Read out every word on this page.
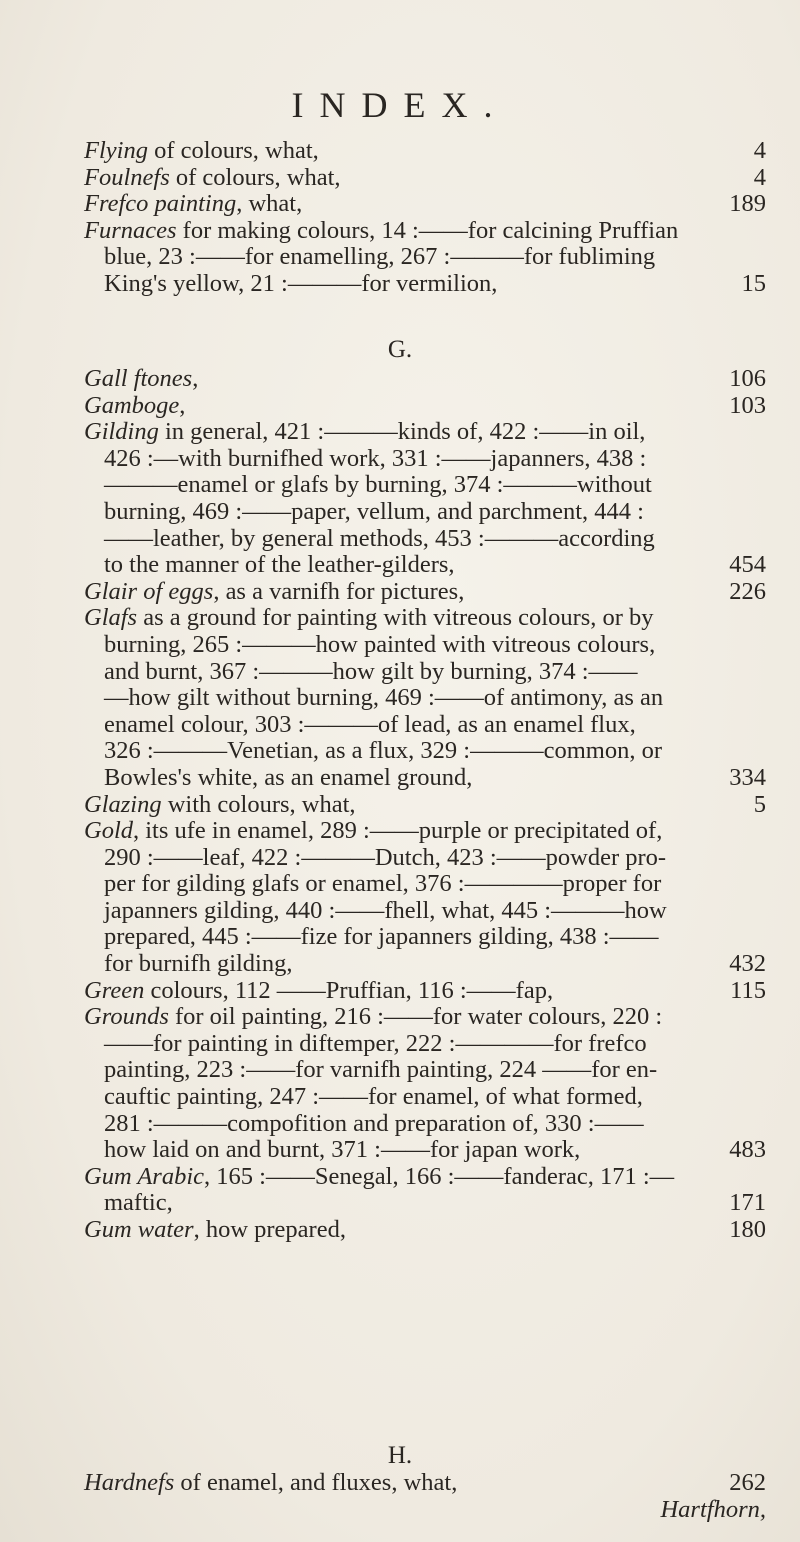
INDEX.
Flying of colours, what,	4
Foulnefs of colours, what,	4
Frefco painting, what,	189
Furnaces for making colours, 14 :——for calcining Pruffian
blue, 23 :——for enamelling, 267 :———for fubliming
King's yellow, 21 :———for vermilion,	15
G.
Gall ftones,	106
Gamboge,	103
Gilding in general, 421 :———kinds of, 422 :——in oil,
426 :—with burnifhed work, 331 :——japanners, 438 :
———enamel or glafs by burning, 374 :———without
burning, 469 :——paper, vellum, and parchment, 444 :
——leather, by general methods, 453 :———according
to the manner of the leather-gilders,	454
Glair of eggs, as a varnifh for pictures,	226
Glafs as a ground for painting with vitreous colours, or by
burning, 265 :———how painted with vitreous colours,
and burnt, 367 :———how gilt by burning, 374 :——
—how gilt without burning, 469 :——of antimony, as an
enamel colour, 303 :———of lead, as an enamel flux,
326 :———Venetian, as a flux, 329 :———common, or
Bowles's white, as an enamel ground,	334
Glazing with colours, what,	5
Gold, its ufe in enamel, 289 :——purple or precipitated of,
290 :——leaf, 422 :———Dutch, 423 :——powder pro-
per for gilding glafs or enamel, 376 :————proper for
japanners gilding, 440 :——fhell, what, 445 :———how
prepared, 445 :——fize for japanners gilding, 438 :——
for burnifh gilding,	432
Green colours, 112 ——Pruffian, 116 :——fap,	115
Grounds for oil painting, 216 :——for water colours, 220 :
——for painting in diftemper, 222 :————for frefco
painting, 223 :——for varnifh painting, 224 ——for en-
cauftic painting, 247 :——for enamel, of what formed,
281 :———compofition and preparation of, 330 :——
how laid on and burnt, 371 :——for japan work,	483
Gum Arabic, 165 :——Senegal, 166 :——fanderac, 171 :—
maftic,	171
Gum water, how prepared,	180
H.
Hardnefs of enamel, and fluxes, what,	262
Hartfhorn,
